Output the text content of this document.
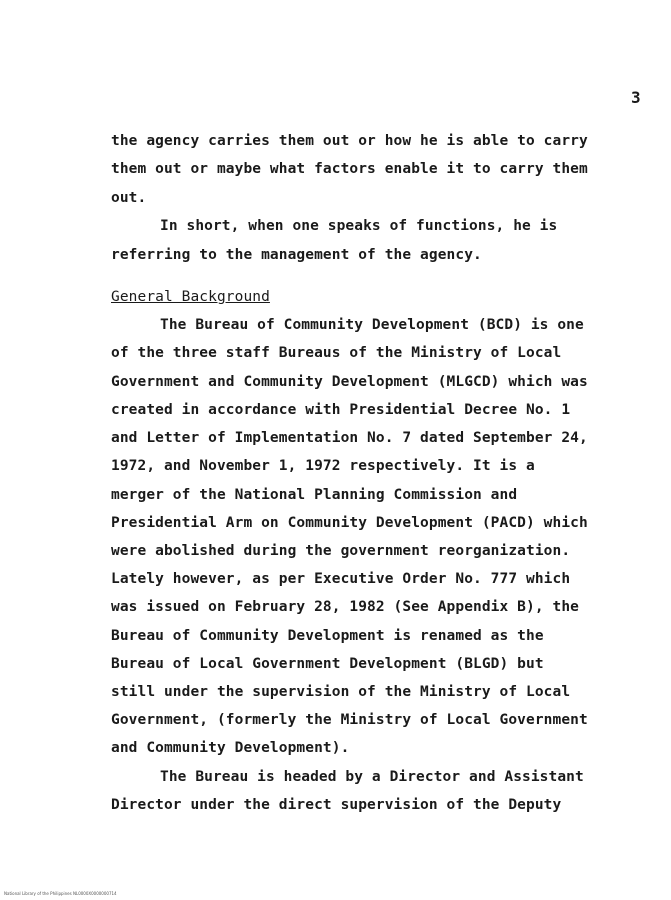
3
the agency carries them out or how he is able to carry
them out or maybe what factors enable it to carry them
out.
In short, when one speaks of functions, he is
referring to the management of the agency.
General Background
The Bureau of Community Development (BCD) is one
of the three staff Bureaus of the Ministry of Local
Government and Community Development (MLGCD) which was
created in accordance with Presidential Decree No. 1
and Letter of Implementation No. 7 dated September 24,
1972, and November 1, 1972 respectively. It is a
merger of the National Planning Commission and
Presidential Arm on Community Development (PACD) which
were abolished during the government reorganization.
Lately however, as per Executive Order No. 777 which
was issued on February 28, 1982 (See Appendix B), the
Bureau of Community Development is renamed as the
Bureau of Local Government Development (BLGD) but
still under the supervision of the Ministry of Local
Government, (formerly the Ministry of Local Government
and Community Development).
The Bureau is headed by a Director and Assistant
Director under the direct supervision of the Deputy
National Library of the Philippines NL0000X0000000714
